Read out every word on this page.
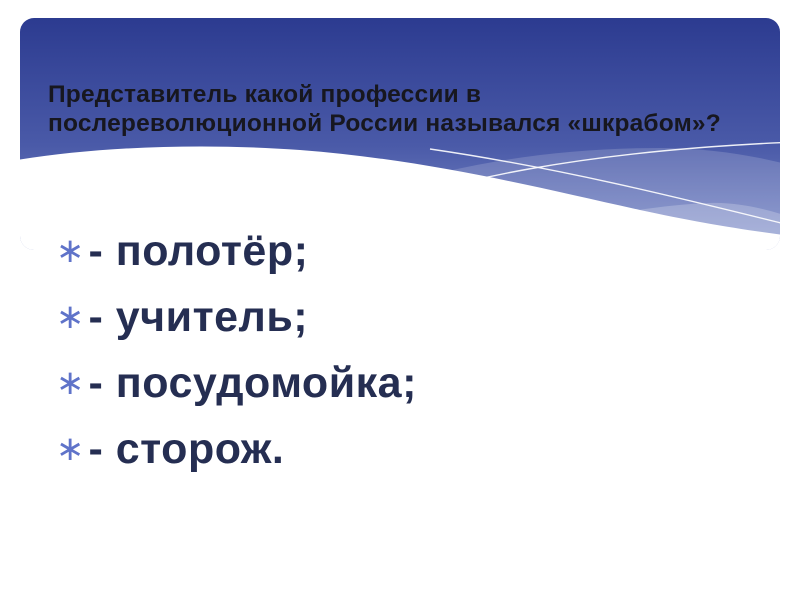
Представитель какой профессии в послереволюционной России назывался «шкрабом»?
∗ - полотёр;
∗ - учитель;
∗ - посудомойка;
∗ - сторож.
